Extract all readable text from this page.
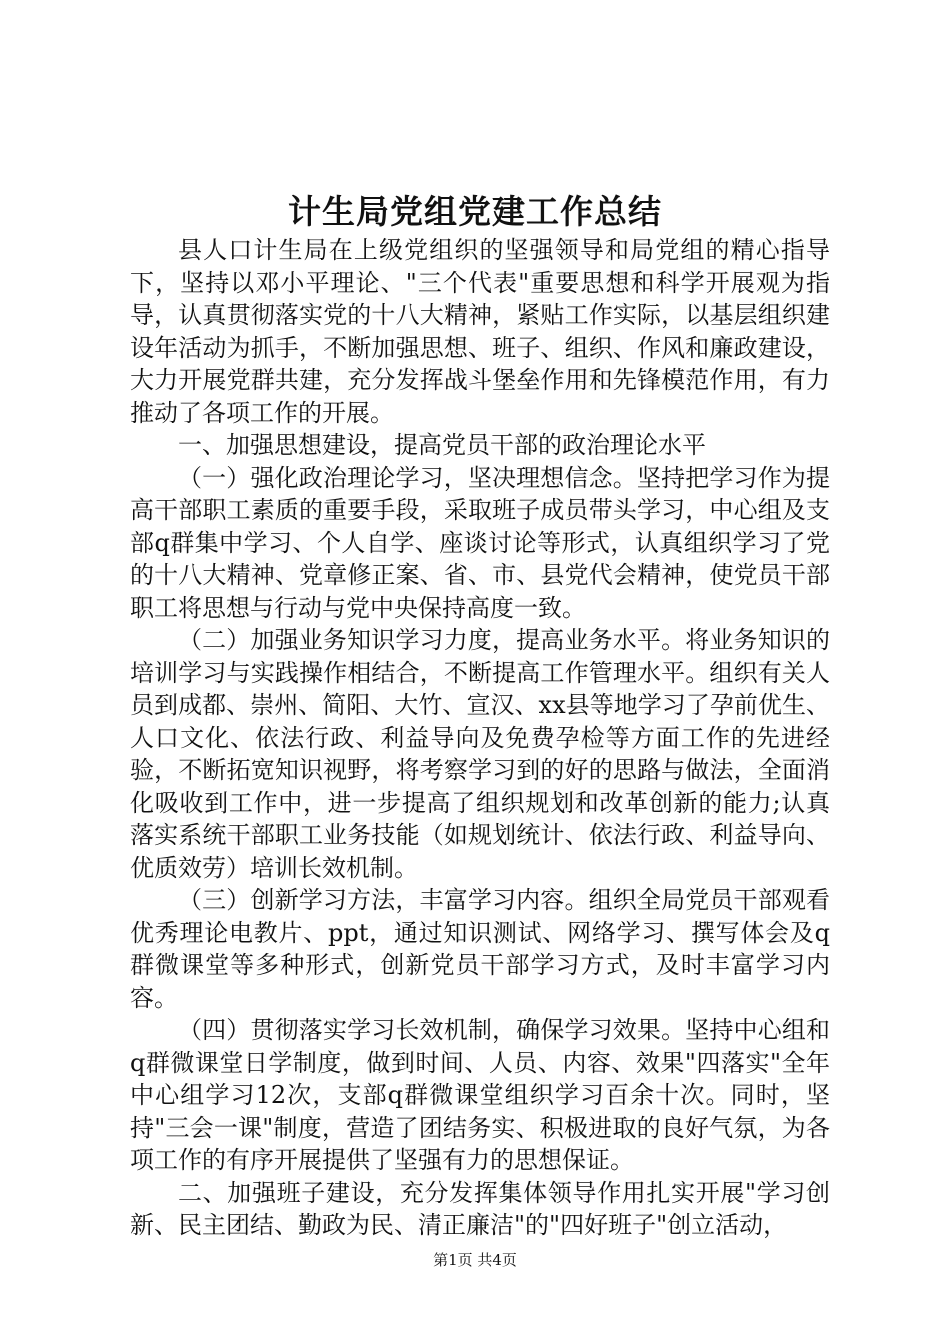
计生局党组党建工作总结

县人口计生局在上级党组织的坚强领导和局党组的精心指导下，坚持以邓小平理论、"三个代表"重要思想和科学开展观为指导，认真贯彻落实党的十八大精神，紧贴工作实际，以基层组织建设年活动为抓手，不断加强思想、班子、组织、作风和廉政建设，大力开展党群共建，充分发挥战斗堡垒作用和先锋模范作用，有力推动了各项工作的开展。

一、加强思想建设，提高党员干部的政治理论水平

（一）强化政治理论学习，坚决理想信念。坚持把学习作为提高干部职工素质的重要手段，采取班子成员带头学习，中心组及支部q群集中学习、个人自学、座谈讨论等形式，认真组织学习了党的十八大精神、党章修正案、省、市、县党代会精神，使党员干部职工将思想与行动与党中央保持高度一致。

（二）加强业务知识学习力度，提高业务水平。将业务知识的培训学习与实践操作相结合，不断提高工作管理水平。组织有关人员到成都、崇州、简阳、大竹、宣汉、xx县等地学习了孕前优生、人口文化、依法行政、利益导向及免费孕检等方面工作的先进经验，不断拓宽知识视野，将考察学习到的好的思路与做法，全面消化吸收到工作中，进一步提高了组织规划和改革创新的能力;认真落实系统干部职工业务技能（如规划统计、依法行政、利益导向、优质效劳）培训长效机制。

（三）创新学习方法，丰富学习内容。组织全局党员干部观看优秀理论电教片、ppt，通过知识测试、网络学习、撰写体会及q群微课堂等多种形式，创新党员干部学习方式，及时丰富学习内容。

（四）贯彻落实学习长效机制，确保学习效果。坚持中心组和q群微课堂日学制度，做到时间、人员、内容、效果"四落实"全年中心组学习12次，支部q群微课堂组织学习百余十次。同时，坚持"三会一课"制度，营造了团结务实、积极进取的良好气氛，为各项工作的有序开展提供了坚强有力的思想保证。

二、加强班子建设，充分发挥集体领导作用扎实开展"学习创新、民主团结、勤政为民、清正廉洁"的"四好班子"创立活动，

第1页 共4页
